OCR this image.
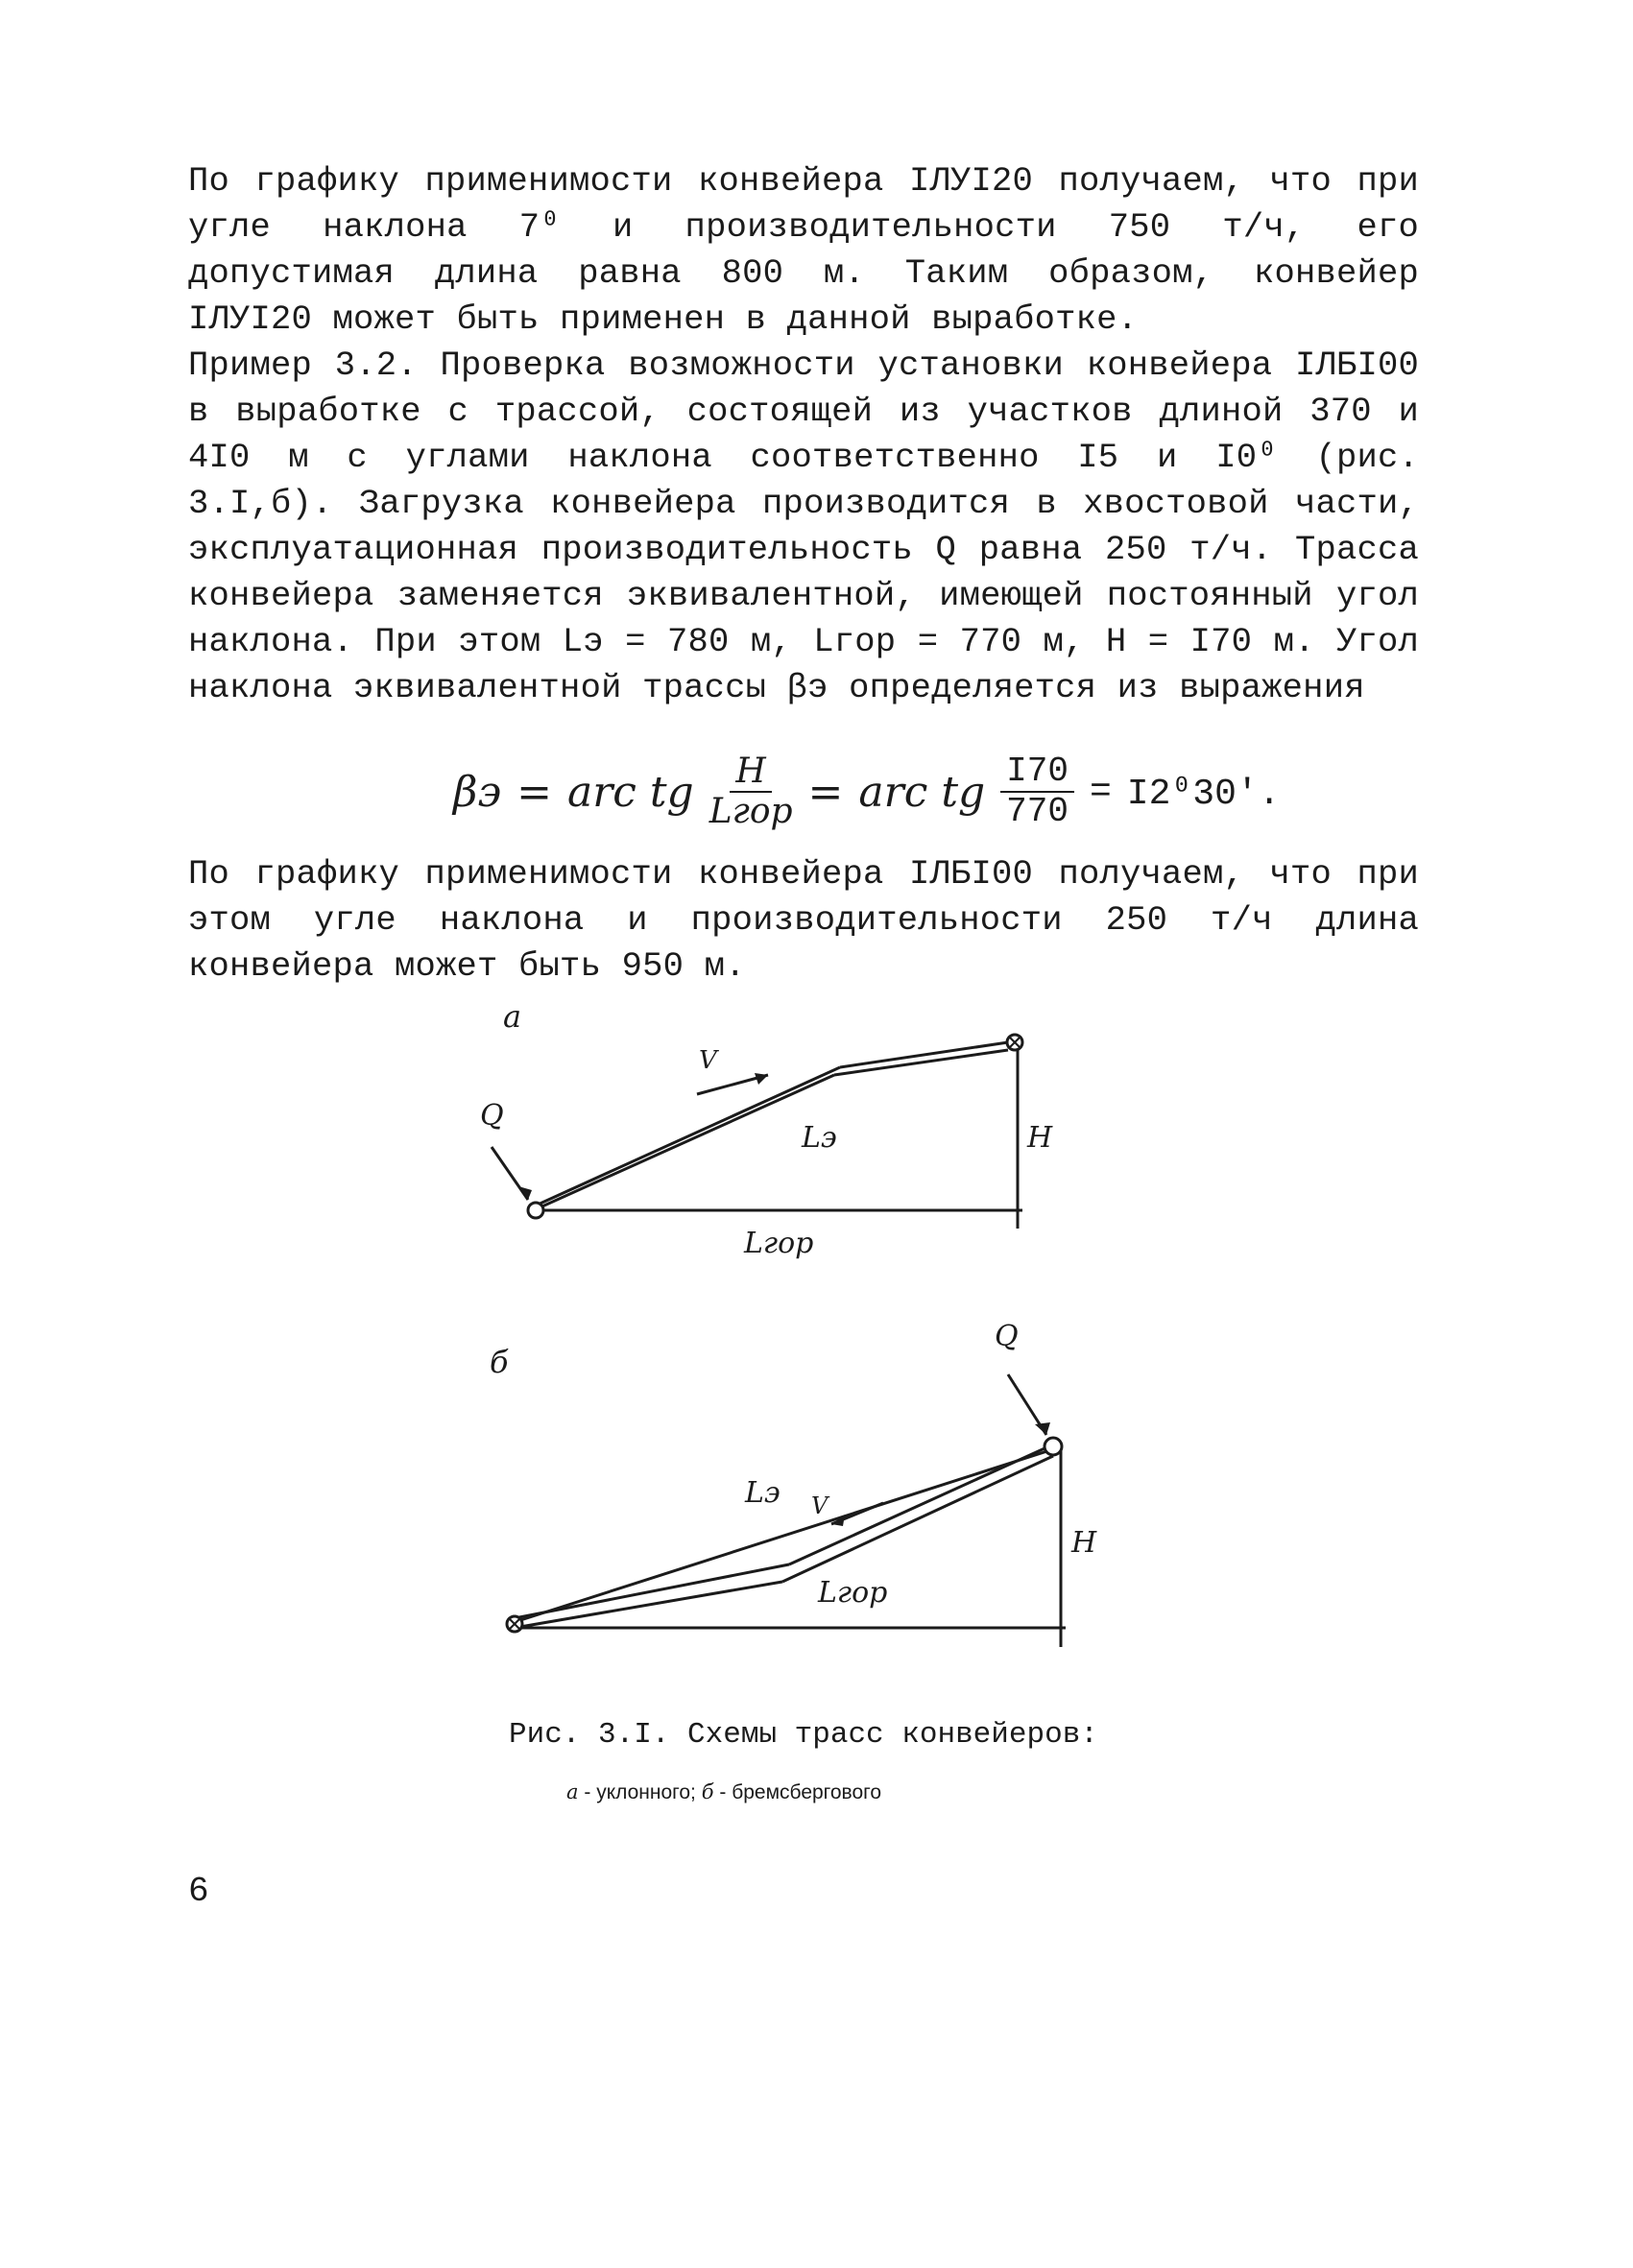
По графику применимости конвейера IЛУI20 получаем, что при угле наклона 7⁰ и производительности 750 т/ч, его допустимая длина равна 800 м. Таким образом, конвейер IЛУI20 может быть применен в данной выработке.

Пример 3.2. Проверка возможности установки конвейера IЛБI00 в выработке с трассой, состоящей из участков длиной 370 и 4I0 м с углами наклона соответственно I5 и I0⁰ (рис. 3.I,б). Загрузка конвейера производится в хвостовой части, эксплуатационная производительность Q равна 250 т/ч. Трасса конвейера заменяется эквивалентной, имеющей постоянный угол наклона. При этом Lэ = 780 м, Lгор = 770 м, H = I70 м. Угол наклона эквивалентной трассы βэ определяется из выражения

βэ = arc tg $\frac{H}{\text{Lгор}}$ = arc tg $\frac{I70}{770} = I2^030'$.

По графику применимости конвейера IЛБI00 получаем, что при этом угле наклона и производительности 250 т/ч длина конвейера может быть 950 м.

а
Q
V
Lэ	H
Lгор
б
Q
V
Lэ
H
Lгор
Рис. 3.I. Схемы трасс конвейеров:
а - уклонного; б - бремсбергового
6
